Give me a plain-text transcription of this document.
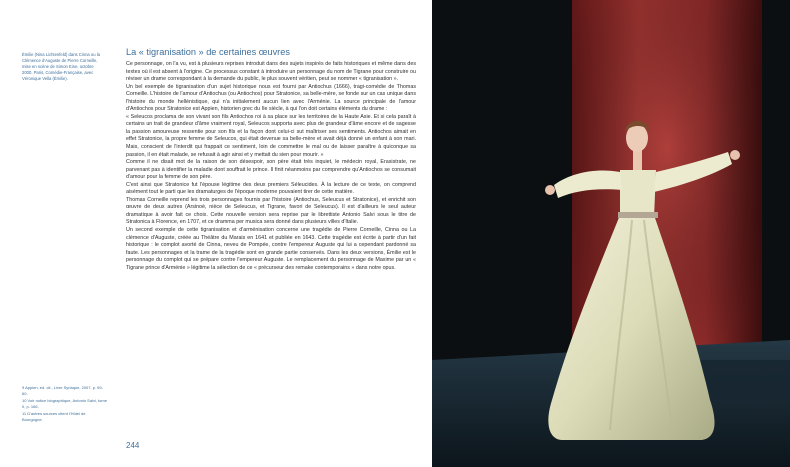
Émilie (Nina Lichtenfeld) dans Cinna ou la Clémence d'Auguste de Pierre Corneille, mise en scène de Simon Eine, octobre 2000. Paris, Comédie-Française, avec Véronique Vella (Émilie).
La « tigranisation » de certaines œuvres

Ce personnage, on l'a vu, est à plusieurs reprises introduit dans des sujets inspirés de faits historiques et même dans des textes où il est absent à l'origine. Ce processus constant à introduire un personnage du nom de Tigrane pour construire ou réviser un drame correspondant à la demande du public, le plus souvent véritien, peut se nommer « tigranisation ».

Un bel exemple de tigranisation d'un sujet historique nous est fourni par Antiochus (1666), tragi-comédie de Thomas Corneille. L'histoire de l'amour d'Antiochus (ou Antiochos) pour Stratonice, sa belle-mère, se fonde sur un cas unique dans l'histoire du monde hellénistique, qui n'a initialement aucun lien avec l'Arménie. La source principale de l'amour d'Antiochos pour Stratonice est Appien, historien grec du IIe siècle, à qui l'on doit certains éléments du drame :

« Seleucos proclama de son vivant son fils Antiochos roi à sa place sur les territoires de la Haute Asie. Et si cela paraît à certains un trait de grandeur d'âme vraiment royal, Seleucos supporta avec plus de grandeur d'âme encore et de sagesse la passion amoureuse ressentie pour son fils et la façon dont celui-ci sut maîtriser ses sentiments. Antiochos aimait en effet Stratonice, la propre femme de Seleucos, qui était devenue sa belle-mère et avait déjà donné un enfant à son mari. Mais, conscient de l'interdit qui frappait ce sentiment, loin de commettre le mal ou de laisser paraître à quiconque sa passion, il en était malade, se refusait à agir ainsi et y mettait du sien pour mourir. »

Comme il ne disait mot de la raison de son désespoir, son père était très inquiet, le médecin royal, Erasistrate, ne parvenant pas à identifier la maladie dont souffrait le prince. Il finit néanmoins par comprendre qu'Antiochos se consumait d'amour pour la femme de son père.

C'est ainsi que Stratonice fut l'épouse légitime des deux premiers Séleucides. À la lecture de ce texte, on comprend aisément tout le parti que les dramaturges de l'époque moderne pouvaient tirer de cette matière.

Thomas Corneille reprend les trois personnages fournis par l'histoire (Antiochus, Seleucus et Stratonice), et enrichit son œuvre de deux autres (Arsinoé, nièce de Seleucus, et Tigrane, favori de Seleucus). Il est d'ailleurs le seul auteur dramatique à avoir fait ce choix. Cette nouvelle version sera reprise par le librettiste Antonio Salvi sous le titre de Stratonica à Florence, en 1707, et ce dramma per musica sera donné dans plusieurs villes d'Italie.

Un second exemple de cette tigranisation et d'arménisation concerne une tragédie de Pierre Corneille, Cinna ou La clémence d'Auguste, créée au Théâtre du Marais en 1641 et publiée en 1643. Cette tragédie est écrite à partir d'un fait historique : le complot avorté de Cinna, neveu de Pompée, contre l'empereur Auguste qui lui a cependant pardonné sa faute. Les personnages et la trame de la tragédie sont en grande partie conservés. Dans les deux versions, Émilie est le personnage du complot qui se prépare contre l'empereur Auguste. Le remplacement du personnage de Maxime par un « Tigrane prince d'Arménie » légitime la sélection de ce « précurseur des remake contemporains » dans notre opus.

9 Appien, ed. cit., Livre Syriaque, 2007, p. 59-60.
10 Voir notice biographique, Antonio Salvi, tome II, p. 166.
11 D'autres sources citent l'Hôtel de Bourgogne.
244
